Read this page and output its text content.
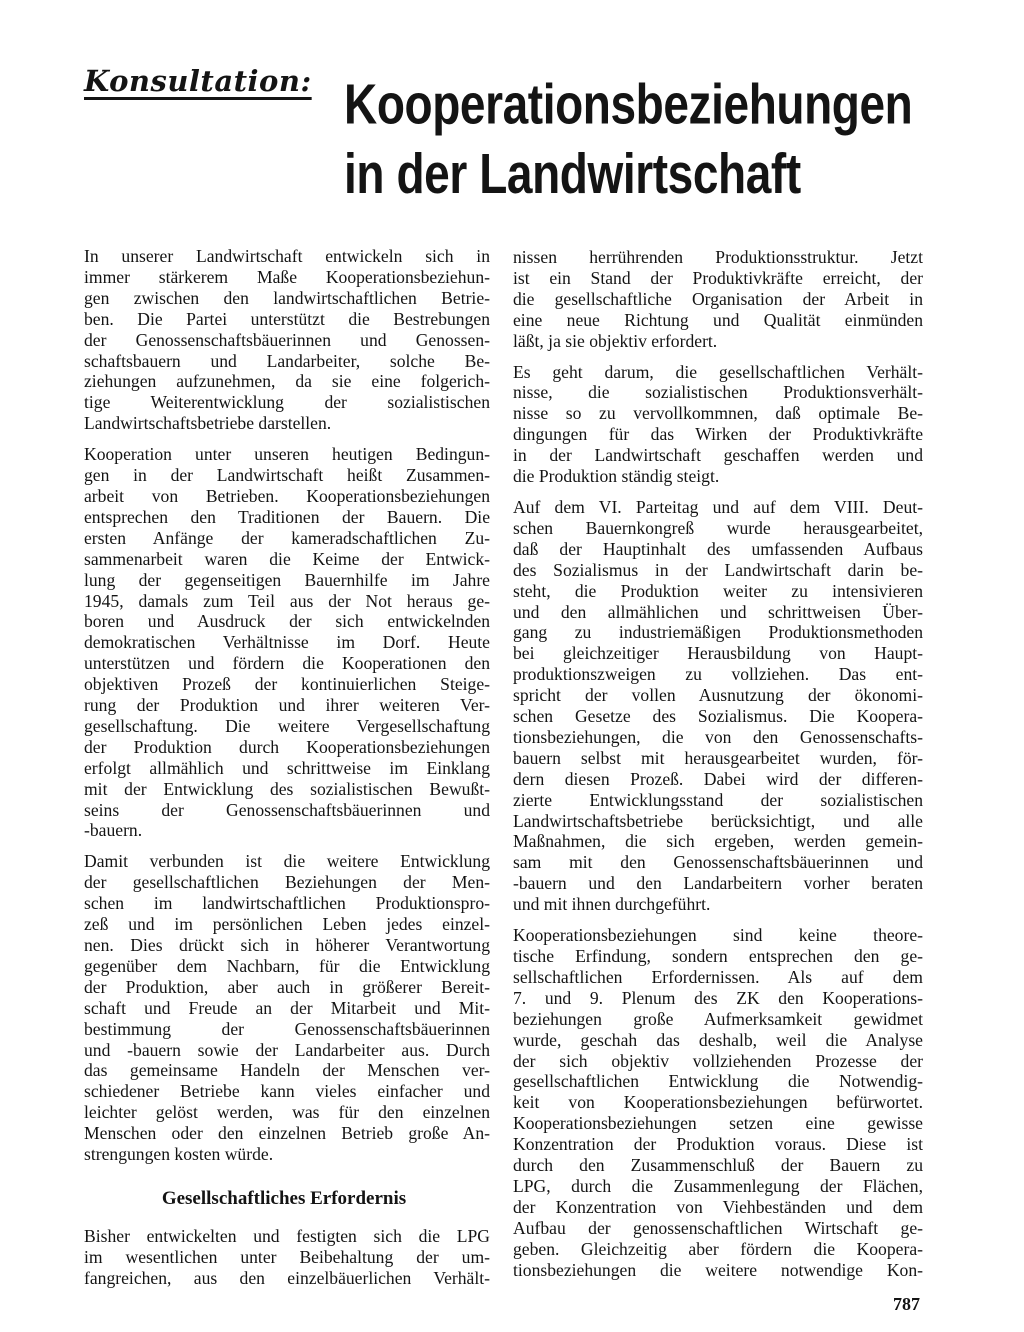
Konsultation: Kooperationsbeziehungen
in der Landwirtschaft
In unserer Landwirtschaft entwickeln sich in
immer stärkerem Maße Kooperationsbeziehun-
gen zwischen den landwirtschaftlichen Betrie-
ben. Die Partei unterstützt die Bestrebungen
der Genossenschaftsbäuerinnen und Genossen-
schaftsbauern und Landarbeiter, solche Be-
ziehungen aufzunehmen, da sie eine folgerich-
tige Weiterentwicklung der sozialistischen
Landwirtschaftsbetriebe darstellen.
Kooperation unter unseren heutigen Bedingun-
gen in der Landwirtschaft heißt Zusammen-
arbeit von Betrieben. Kooperationsbeziehungen
entsprechen den Traditionen der Bauern. Die
ersten Anfänge der kameradschaftlichen Zu-
sammenarbeit waren die Keime der Entwick-
lung der gegenseitigen Bauernhilfe im Jahre
1945, damals zum Teil aus der Not heraus ge-
boren und Ausdruck der sich entwickelnden
demokratischen Verhältnisse im Dorf. Heute
unterstützen und fördern die Kooperationen den
objektiven Prozeß der kontinuierlichen Steige-
rung der Produktion und ihrer weiteren Ver-
gesellschaftung. Die weitere Vergesellschaftung
der Produktion durch Kooperationsbeziehungen
erfolgt allmählich und schrittweise im Einklang
mit der Entwicklung des sozialistischen Bewußt-
seins der Genossenschaftsbäuerinnen und
-bauern.
Damit verbunden ist die weitere Entwicklung
der gesellschaftlichen Beziehungen der Men-
schen im landwirtschaftlichen Produktionspro-
zeß und im persönlichen Leben jedes einzel-
nen. Dies drückt sich in höherer Verantwortung
gegenüber dem Nachbarn, für die Entwicklung
der Produktion, aber auch in größerer Bereit-
schaft und Freude an der Mitarbeit und Mit-
bestimmung der Genossenschaftsbäuerinnen
und -bauern sowie der Landarbeiter aus. Durch
das gemeinsame Handeln der Menschen ver-
schiedener Betriebe kann vieles einfacher und
leichter gelöst werden, was für den einzelnen
Menschen oder den einzelnen Betrieb große An-
strengungen kosten würde.
Gesellschaftliches Erfordernis
Bisher entwickelten und festigten sich die LPG
im wesentlichen unter Beibehaltung der um-
fangreichen, aus den einzelbäuerlichen Verhält-
nissen herrührenden Produktionsstruktur. Jetzt
ist ein Stand der Produktivkräfte erreicht, der
die gesellschaftliche Organisation der Arbeit in
eine neue Richtung und Qualität einmünden
läßt, ja sie objektiv erfordert.
Es geht darum, die gesellschaftlichen Verhält-
nisse, die sozialistischen Produktionsverhält-
nisse so zu vervollkommnen, daß optimale Be-
dingungen für das Wirken der Produktivkräfte
in der Landwirtschaft geschaffen werden und
die Produktion ständig steigt.
Auf dem VI. Parteitag und auf dem VIII. Deut-
schen Bauernkongreß wurde herausgearbeitet,
daß der Hauptinhalt des umfassenden Aufbaus
des Sozialismus in der Landwirtschaft darin be-
steht, die Produktion weiter zu intensivieren
und den allmählichen und schrittweisen Über-
gang zu industriemäßigen Produktionsmethoden
bei gleichzeitiger Herausbildung von Haupt-
produktionszweigen zu vollziehen. Das ent-
spricht der vollen Ausnutzung der ökonomi-
schen Gesetze des Sozialismus. Die Koopera-
tionsbeziehungen, die von den Genossenschafts-
bauern selbst mit herausgearbeitet wurden, för-
dern diesen Prozeß. Dabei wird der differen-
zierte Entwicklungsstand der sozialistischen
Landwirtschaftsbetriebe berücksichtigt, und alle
Maßnahmen, die sich ergeben, werden gemein-
sam mit den Genossenschaftsbäuerinnen und
-bauern und den Landarbeitern vorher beraten
und mit ihnen durchgeführt.
Kooperationsbeziehungen sind keine theore-
tische Erfindung, sondern entsprechen den ge-
sellschaftlichen Erfordernissen. Als auf dem
7. und 9. Plenum des ZK den Kooperations-
beziehungen große Aufmerksamkeit gewidmet
wurde, geschah das deshalb, weil die Analyse
der sich objektiv vollziehenden Prozesse der
gesellschaftlichen Entwicklung die Notwendig-
keit von Kooperationsbeziehungen befürwortet.
Kooperationsbeziehungen setzen eine gewisse
Konzentration der Produktion voraus. Diese ist
durch den Zusammenschluß der Bauern zu
LPG, durch die Zusammenlegung der Flächen,
der Konzentration von Viehbeständen und dem
Aufbau der genossenschaftlichen Wirtschaft ge-
geben. Gleichzeitig aber fördern die Koopera-
tionsbeziehungen die weitere notwendige Kon-
787
